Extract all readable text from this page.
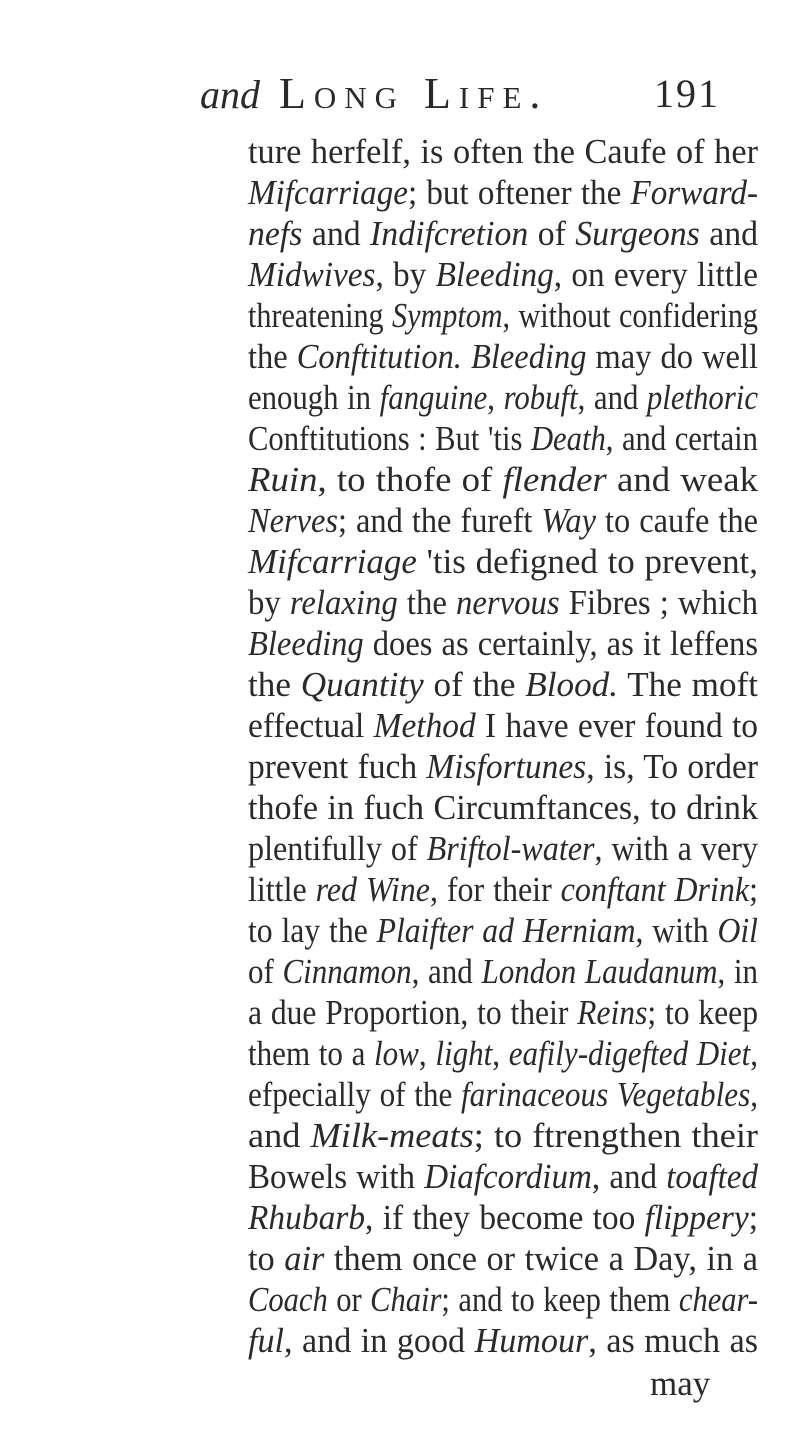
and Long Life.	191
ture herfelf, is often the Caufe of her
Mifcarriage; but oftener the Forward-
nefs and Indifcretion of Surgeons and
Midwives, by Bleeding, on every little
threatening Symptom, without confidering
the Conftitution. Bleeding may do well
enough in fanguine, robuft, and plethoric
Conftitutions : But 'tis Death, and certain
Ruin, to thofe of flender and weak
Nerves; and the fureft Way to caufe the
Mifcarriage 'tis defigned to prevent,
by relaxing the nervous Fibres ; which
Bleeding does as certainly, as it leffens
the Quantity of the Blood. The moft
effectual Method I have ever found to
prevent fuch Misfortunes, is, To order
thofe in fuch Circumftances, to drink
plentifully of Briftol-water, with a very
little red Wine, for their conftant Drink;
to lay the Plaifter ad Herniam, with Oil
of Cinnamon, and London Laudanum, in
a due Proportion, to their Reins; to keep
them to a low, light, eafily-digefted Diet,
efpecially of the farinaceous Vegetables,
and Milk-meats; to ftrengthen their
Bowels with Diafcordium, and toafted
Rhubarb, if they become too flippery;
to air them once or twice a Day, in a
Coach or Chair; and to keep them chear-
ful, and in good Humour, as much as
may
